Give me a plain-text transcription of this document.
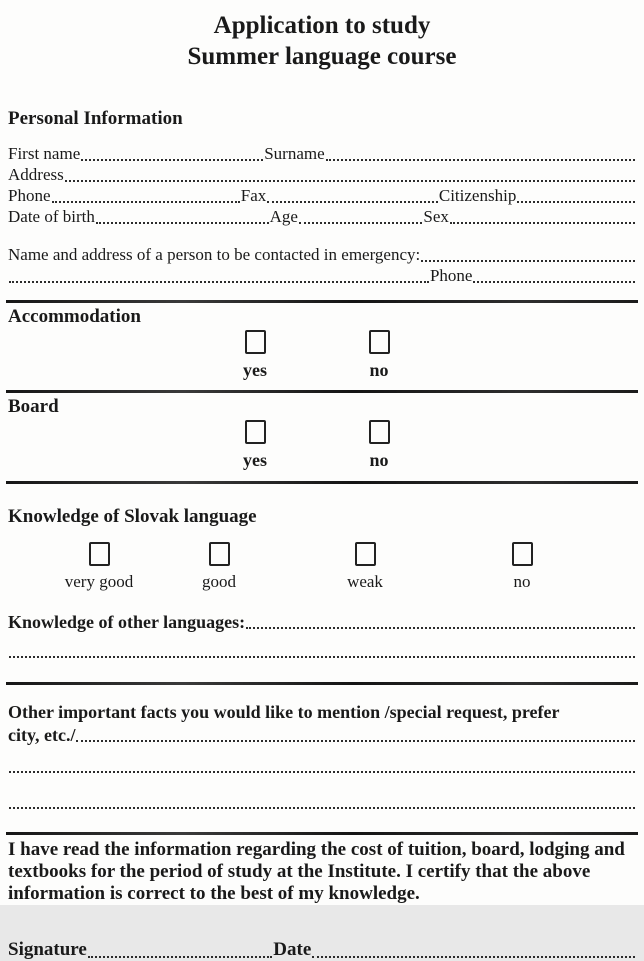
Application to study
Summer language course
Personal Information
First name	Surname
Address
Phone	Fax	Citizenship
Date of birth	Age	Sex
Name and address of a person to be contacted in emergency:
Phone
Accommodation
yes	no
Board
yes	no
Knowledge of Slovak language
very good	good	weak	no
Knowledge of other languages:
Other important facts you would like to mention /special request, prefer
city, etc./
I have read the information regarding the cost of tuition, board, lodging and textbooks for the period of study at the Institute. I certify that the above information is correct to the best of my knowledge.
Signature	Date
